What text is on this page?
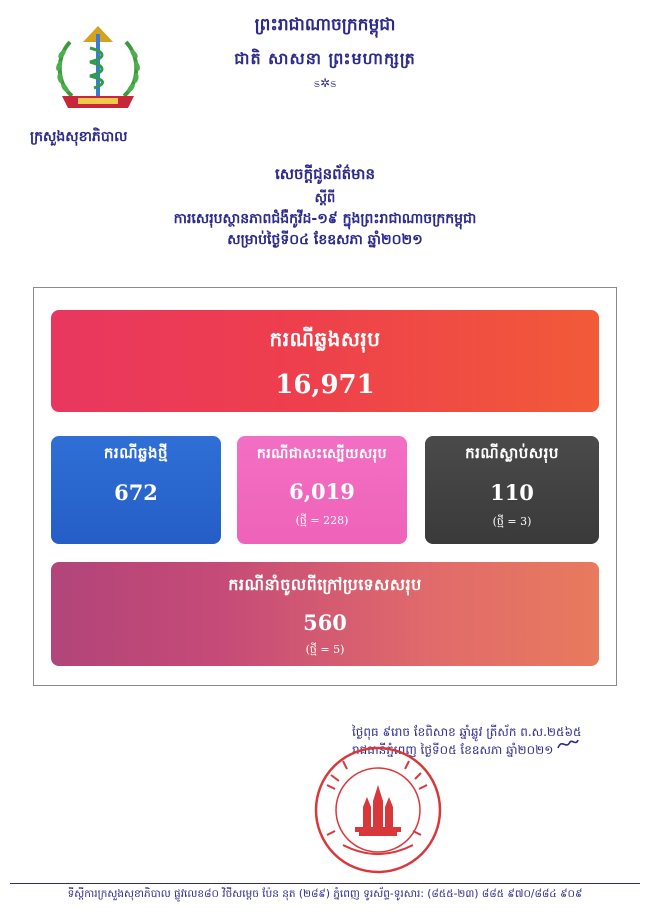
ព្រះរាជាណាចក្រកម្ពុជា
ជាតិ សាសនា ព្រះមហាក្សត្រ
ಽ✲ಽ
ក្រសួងសុខាភិបាល
សេចក្តីជូនព័ត៌មាន
ស្តីពី
ការសេរុបស្ថានភាពជំងឺកូវីដ-១៩ ក្នុងព្រះរាជាណាចក្រកម្ពុជា
សម្រាប់ថ្ងៃទី០៤ ខែឧសភា ឆ្នាំ២០២១
ករណីឆ្លងសរុប
16,971
ករណីឆ្លងថ្មី
672
ករណីជាសះស្បើយសរុប
6,019
(ថ្មី = 228)
ករណីស្លាប់សរុប
110
(ថ្មី = 3)
ករណីនាំចូលពីក្រៅប្រទេសសរុប
560
(ថ្មី = 5)
ថ្ងៃពុធ ៩រោច ខែពិសាខ ឆ្នាំឆ្លូវ ត្រីស័ក ព.ស.២៥៦៥
រាជធានីភ្នំពេញ ថ្ងៃទី០៥ ខែឧសភា ឆ្នាំ២០២១
ទីស្តីការក្រសួងសុខាភិបាល ផ្លូវលេខ៨០ វិថីសម្តេច ប៉ែន នុត (២៨៩) ភ្នំពេញ ទូរស័ព្ទ-ទូរសារ: (៨៥៥-២៣) ៨៨៥ ៩៧០/៨៨៤ ៩០៩
